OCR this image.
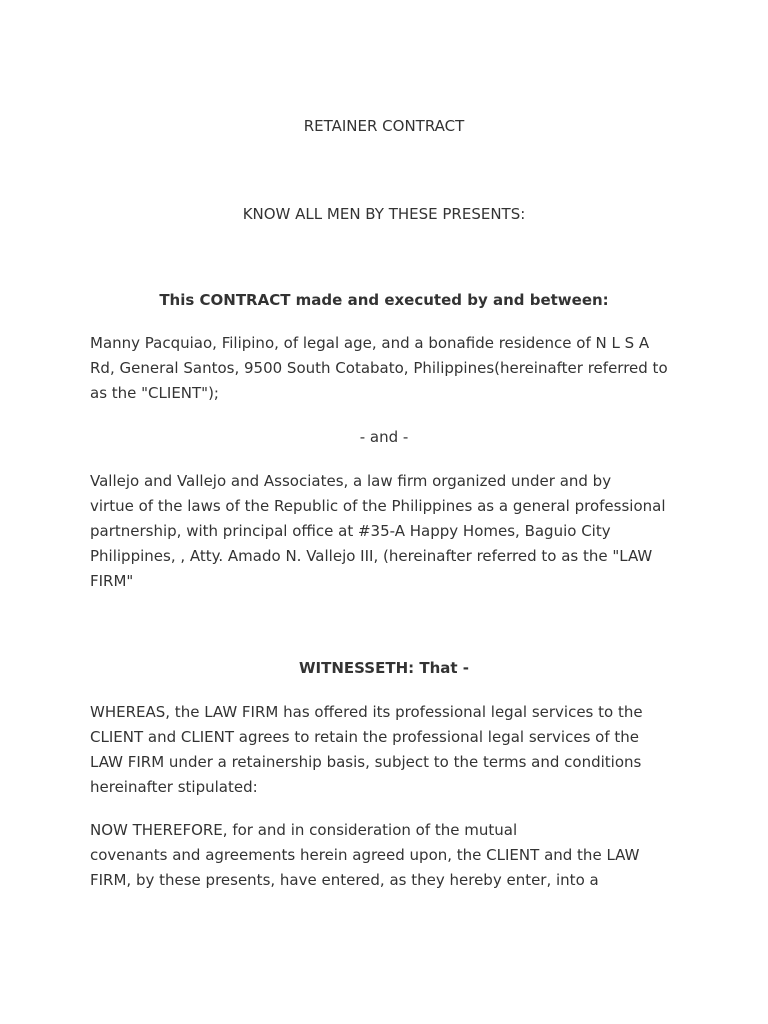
RETAINER CONTRACT
KNOW ALL MEN BY THESE PRESENTS:
This CONTRACT made and executed by and between:
Manny Pacquiao, Filipino, of legal age, and a bonafide residence of N L S A
Rd, General Santos, 9500 South Cotabato, Philippines(hereinafter referred to
as the "CLIENT");
- and -
Vallejo and Vallejo and Associates, a law firm organized under and by
virtue of the laws of the Republic of the Philippines as a general professional
partnership, with principal office at #35-A Happy Homes, Baguio City
Philippines, , Atty. Amado N. Vallejo III, (hereinafter referred to as the "LAW
FIRM"
WITNESSETH: That -
WHEREAS, the LAW FIRM has offered its professional legal services to the
CLIENT and CLIENT agrees to retain the professional legal services of the
LAW FIRM under a retainership basis, subject to the terms and conditions
hereinafter stipulated:
NOW THEREFORE, for and in consideration of the mutual
covenants and agreements herein agreed upon, the CLIENT and the LAW
FIRM, by these presents, have entered, as they hereby enter, into a
